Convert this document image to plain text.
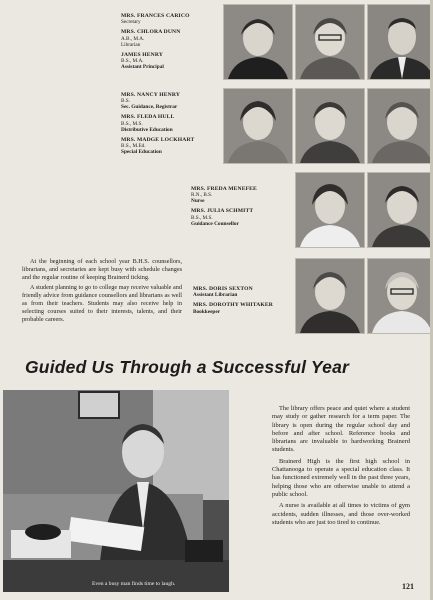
MRS. FRANCES CARICO
Secretary
MRS. CHLORA DUNN
A.B., M.A.
Librarian
JAMES HENRY
B.S., M.A.
Assistant Principal
MRS. NANCY HENRY
B.S.
Sec. Guidance, Registrar
MRS. FLEDA HULL
B.S., M.S.
Distributive Education
MRS. MADGE LOCKHART
B.S., M.Ed.
Special Education
MRS. FREDA MENEFEE
R.N., B.S.
Nurse
MRS. JULIA SCHMITT
B.S., M.S.
Guidance Counsellor
MRS. DORIS SEXTON
Assistant Librarian
MRS. DOROTHY WHITAKER
Bookkeeper

At the beginning of each school year B.H.S. counsellors, librarians, and secretaries are kept busy with schedule changes and the regular routine of keeping Brainerd ticking.

A student planning to go to college may receive valuable and friendly advice from guidance counsellors and librarians as well as from their teachers. Students may also receive help in selecting courses suited to their interests, talents, and their probable careers.

Guided Us Through a Successful Year
Even a busy man finds time to laugh.

The library offers peace and quiet where a student may study or gather research for a term paper. The library is open during the regular school day and before and after school. Reference books and librarians are invaluable to hardworking Brainerd students.

Brainerd High is the first high school in Chattanooga to operate a special education class. It has functioned extremely well in the past three years, helping those who are otherwise unable to attend a public school.

A nurse is available at all times to victims of gym accidents, sudden illnesses, and those over-worked students who are just too tired to continue.

121
